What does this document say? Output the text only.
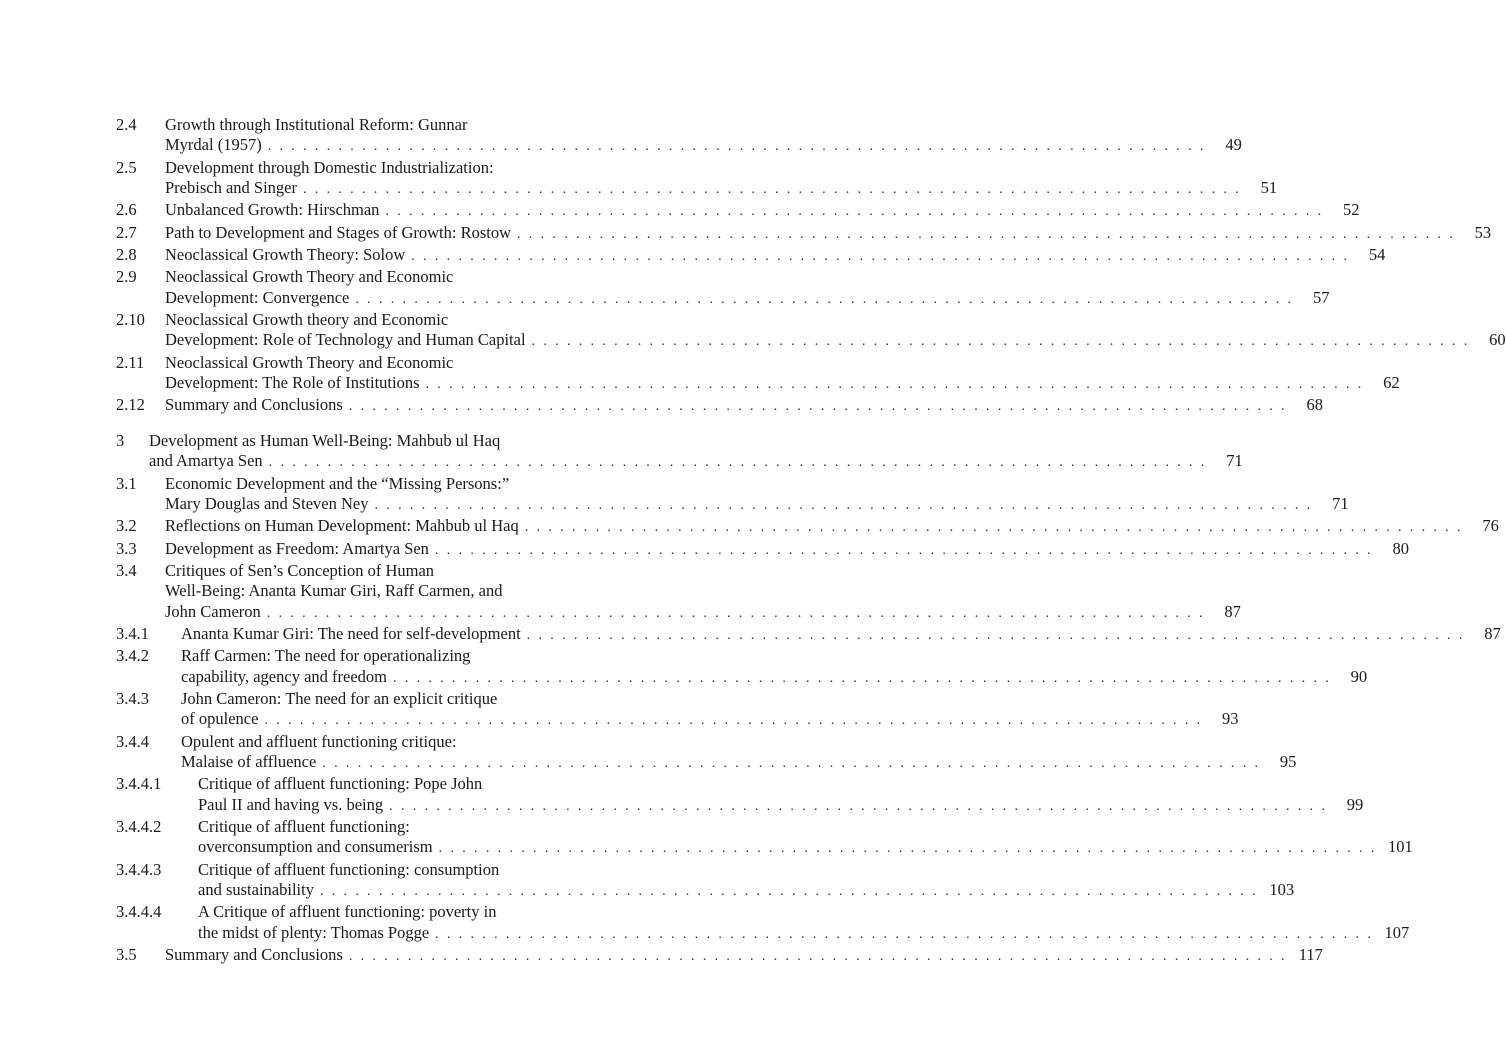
2.4 Growth through Institutional Reform: Gunnar
Myrdal (1957) . . . . . . . . . . . . . . . . . . . . . . . . . . . . . . . . . . . . . . . . . . . . . . . . . . . . . . . . . . . . . . . . . . . . . . . . . . . . . . . .	49
2.5 Development through Domestic Industrialization:
Prebisch and Singer . . . . . . . . . . . . . . . . . . . . . . . . . . . . . . . . . . . . . . . . . . . . . . . . . . . . . . . . . . . . . . . . . . . . . . . . . . . . . . . .	51
2.6 Unbalanced Growth: Hirschman . . . . . . . . . . . . . . . . . . . . . . . . . . . . . . . . . . . . . . . . . . . . . . . . . . . . . . . . . . . . . . . . . . . . . . . . . . . . . . . .	52
2.7 Path to Development and Stages of Growth: Rostow . . . . . . . . . . . . . . . . . . . . . . . . . . . . . . . . . . . . . . . . . . . . . . . . . . . . . . . . . . . . . . . . . . . . . . . . . . . . . . . .	53
2.8 Neoclassical Growth Theory: Solow . . . . . . . . . . . . . . . . . . . . . . . . . . . . . . . . . . . . . . . . . . . . . . . . . . . . . . . . . . . . . . . . . . . . . . . . . . . . . . . .	54
2.9 Neoclassical Growth Theory and Economic
Development: Convergence . . . . . . . . . . . . . . . . . . . . . . . . . . . . . . . . . . . . . . . . . . . . . . . . . . . . . . . . . . . . . . . . . . . . . . . . . . . . . . . .	57
2.10 Neoclassical Growth theory and Economic
Development: Role of Technology and Human Capital . . . . . . . . . . . . . . . . . . . . . . . . . . . . . . . . . . . . . . . . . . . . . . . . . . . . . . . . . . . . . . . . . . . . . . . . . . . . . . . .	60
2.11 Neoclassical Growth Theory and Economic
Development: The Role of Institutions . . . . . . . . . . . . . . . . . . . . . . . . . . . . . . . . . . . . . . . . . . . . . . . . . . . . . . . . . . . . . . . . . . . . . . . . . . . . . . . .	62
2.12 Summary and Conclusions . . . . . . . . . . . . . . . . . . . . . . . . . . . . . . . . . . . . . . . . . . . . . . . . . . . . . . . . . . . . . . . . . . . . . . . . . . . . . . . .	68
3 Development as Human Well-Being: Mahbub ul Haq
and Amartya Sen . . . . . . . . . . . . . . . . . . . . . . . . . . . . . . . . . . . . . . . . . . . . . . . . . . . . . . . . . . . . . . . . . . . . . . . . . . . . . . . .	71
3.1 Economic Development and the “Missing Persons:”
Mary Douglas and Steven Ney . . . . . . . . . . . . . . . . . . . . . . . . . . . . . . . . . . . . . . . . . . . . . . . . . . . . . . . . . . . . . . . . . . . . . . . . . . . . . . . .	71
3.2 Reflections on Human Development: Mahbub ul Haq . . . . . . . . . . . . . . . . . . . . . . . . . . . . . . . . . . . . . . . . . . . . . . . . . . . . . . . . . . . . . . . . . . . . . . . . . . . . . . . .	76
3.3 Development as Freedom: Amartya Sen . . . . . . . . . . . . . . . . . . . . . . . . . . . . . . . . . . . . . . . . . . . . . . . . . . . . . . . . . . . . . . . . . . . . . . . . . . . . . . . .	80
3.4 Critiques of Sen’s Conception of Human
Well-Being: Ananta Kumar Giri, Raff Carmen, and
John Cameron . . . . . . . . . . . . . . . . . . . . . . . . . . . . . . . . . . . . . . . . . . . . . . . . . . . . . . . . . . . . . . . . . . . . . . . . . . . . . . . .	87
3.4.1 Ananta Kumar Giri: The need for self-development . . . . . . . . . . . . . . . . . . . . . . . . . . . . . . . . . . . . . . . . . . . . . . . . . . . . . . . . . . . . . . . . . . . . . . . . . . . . . . . .	87
3.4.2 Raff Carmen: The need for operationalizing
capability, agency and freedom . . . . . . . . . . . . . . . . . . . . . . . . . . . . . . . . . . . . . . . . . . . . . . . . . . . . . . . . . . . . . . . . . . . . . . . . . . . . . . . .	90
3.4.3 John Cameron: The need for an explicit critique
of opulence . . . . . . . . . . . . . . . . . . . . . . . . . . . . . . . . . . . . . . . . . . . . . . . . . . . . . . . . . . . . . . . . . . . . . . . . . . . . . . . .	93
3.4.4 Opulent and affluent functioning critique:
Malaise of affluence . . . . . . . . . . . . . . . . . . . . . . . . . . . . . . . . . . . . . . . . . . . . . . . . . . . . . . . . . . . . . . . . . . . . . . . . . . . . . . . .	95
3.4.4.1 Critique of affluent functioning: Pope John
Paul II and having vs. being . . . . . . . . . . . . . . . . . . . . . . . . . . . . . . . . . . . . . . . . . . . . . . . . . . . . . . . . . . . . . . . . . . . . . . . . . . . . . . . .	99
3.4.4.2 Critique of affluent functioning:
overconsumption and consumerism . . . . . . . . . . . . . . . . . . . . . . . . . . . . . . . . . . . . . . . . . . . . . . . . . . . . . . . . . . . . . . . . . . . . . . . . . . . . . . . . 101
3.4.4.3 Critique of affluent functioning: consumption
and sustainability . . . . . . . . . . . . . . . . . . . . . . . . . . . . . . . . . . . . . . . . . . . . . . . . . . . . . . . . . . . . . . . . . . . . . . . . . . . . . . . . 103
3.4.4.4 A Critique of affluent functioning: poverty in
the midst of plenty: Thomas Pogge . . . . . . . . . . . . . . . . . . . . . . . . . . . . . . . . . . . . . . . . . . . . . . . . . . . . . . . . . . . . . . . . . . . . . . . . . . . . . . . . 107
3.5 Summary and Conclusions . . . . . . . . . . . . . . . . . . . . . . . . . . . . . . . . . . . . . . . . . . . . . . . . . . . . . . . . . . . . . . . . . . . . . . . . . . . . . . . . 117
